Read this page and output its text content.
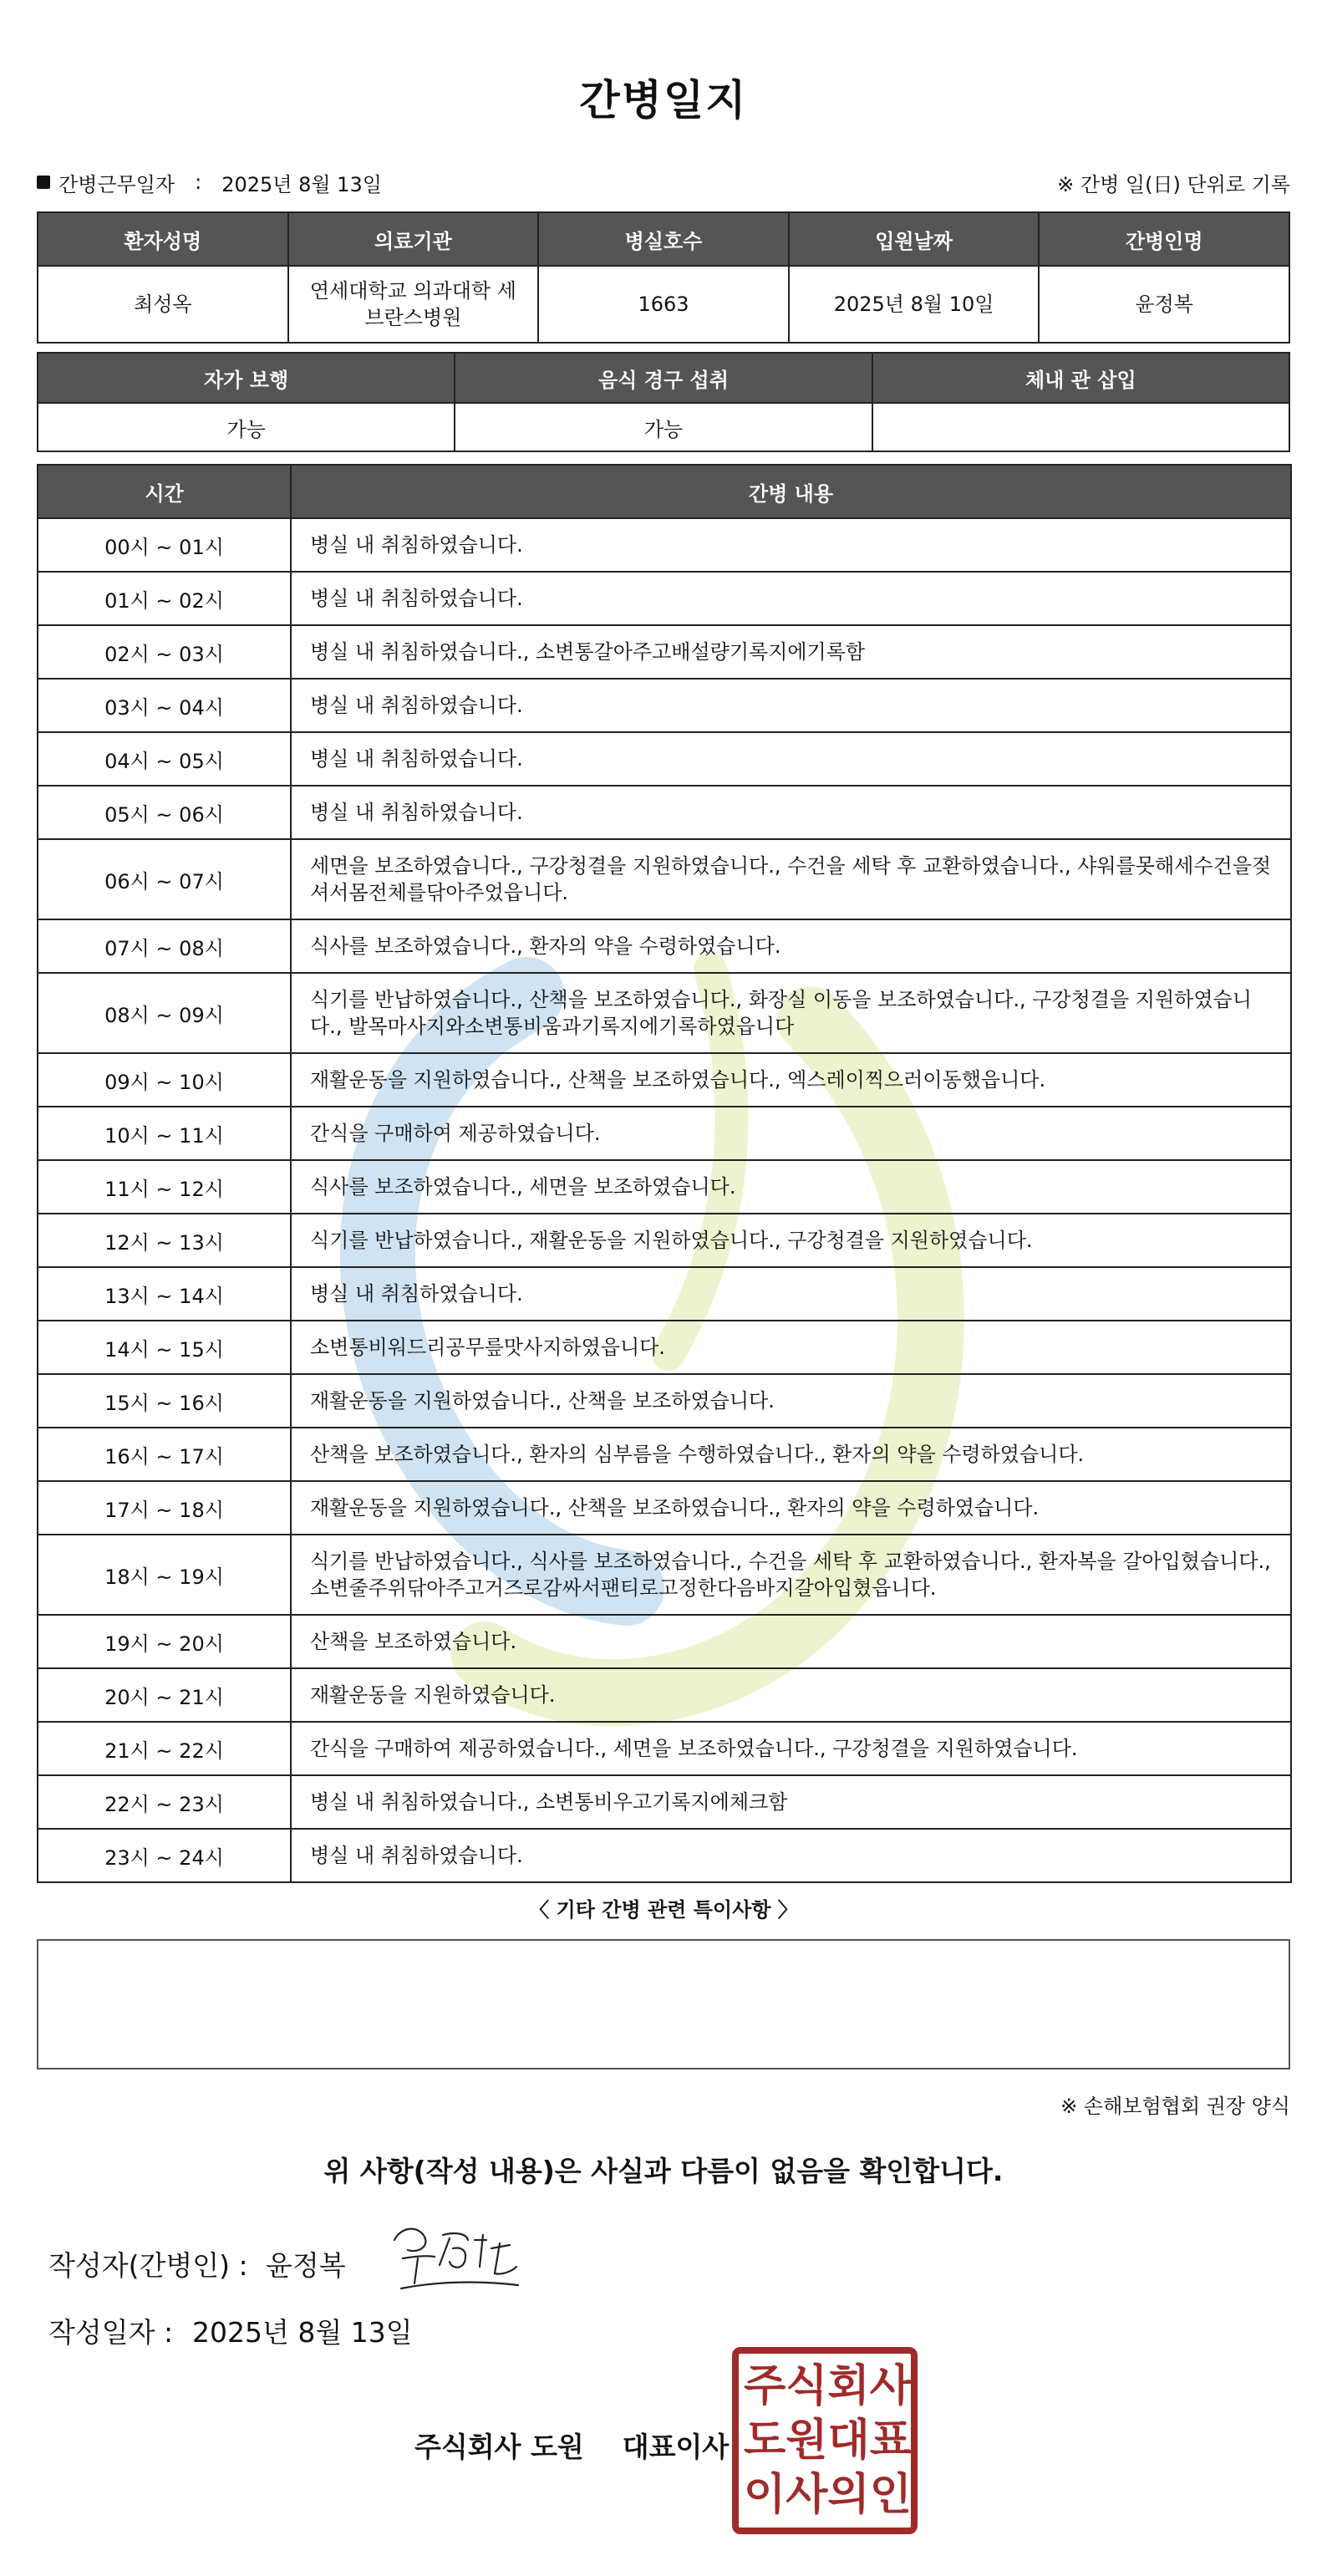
간병일지
간병근무일자 : 2025년 8월 13일	※ 간병 일(日) 단위로 기록
환자성명	의료기관	병실호수	입원날짜	간병인명
최성옥	연세대학교 의과대학 세브란스병원	1663	2025년 8월 10일	윤정복
자가 보행	음식 경구 섭취	체내 관 삽입
가능	가능	
시간	간병 내용
00시 ~ 01시	병실 내 취침하였습니다.
01시 ~ 02시	병실 내 취침하였습니다.
02시 ~ 03시	병실 내 취침하였습니다., 소변통갈아주고배설량기록지에기록함
03시 ~ 04시	병실 내 취침하였습니다.
04시 ~ 05시	병실 내 취침하였습니다.
05시 ~ 06시	병실 내 취침하였습니다.
06시 ~ 07시	세면을 보조하였습니다., 구강청결을 지원하였습니다., 수건을 세탁 후 교환하였습니다., 샤워를못해세수건을젖셔서몸전체를닦아주었읍니다.
07시 ~ 08시	식사를 보조하였습니다., 환자의 약을 수령하였습니다.
08시 ~ 09시	식기를 반납하였습니다., 산책을 보조하였습니다., 화장실 이동을 보조하였습니다., 구강청결을 지원하였습니다., 발목마사지와소변통비움과기록지에기록하였읍니다
09시 ~ 10시	재활운동을 지원하였습니다., 산책을 보조하였습니다., 엑스레이찍으러이동했읍니다.
10시 ~ 11시	간식을 구매하여 제공하였습니다.
11시 ~ 12시	식사를 보조하였습니다., 세면을 보조하였습니다.
12시 ~ 13시	식기를 반납하였습니다., 재활운동을 지원하였습니다., 구강청결을 지원하였습니다.
13시 ~ 14시	병실 내 취침하였습니다.
14시 ~ 15시	소변통비워드리공무릎맛사지하였읍니다.
15시 ~ 16시	재활운동을 지원하였습니다., 산책을 보조하였습니다.
16시 ~ 17시	산책을 보조하였습니다., 환자의 심부름을 수행하였습니다., 환자의 약을 수령하였습니다.
17시 ~ 18시	재활운동을 지원하였습니다., 산책을 보조하였습니다., 환자의 약을 수령하였습니다.
18시 ~ 19시	식기를 반납하였습니다., 식사를 보조하였습니다., 수건을 세탁 후 교환하였습니다., 환자복을 갈아입혔습니다., 소변줄주위닦아주고거즈로감싸서팬티로고정한다음바지갈아입혔읍니다.
19시 ~ 20시	산책을 보조하였습니다.
20시 ~ 21시	재활운동을 지원하였습니다.
21시 ~ 22시	간식을 구매하여 제공하였습니다., 세면을 보조하였습니다., 구강청결을 지원하였습니다.
22시 ~ 23시	병실 내 취침하였습니다., 소변통비우고기록지에체크함
23시 ~ 24시	병실 내 취침하였습니다.
〈 기타 간병 관련 특이사항 〉
※ 손해보험협회 권장 양식
위 사항(작성 내용)은 사실과 다름이 없음을 확인합니다.
작성자(간병인) : 윤정복
작성일자 : 2025년 8월 13일
주식회사 도원 대표이사
주 식 회 사
도 원 대 표
이 사 의 인
